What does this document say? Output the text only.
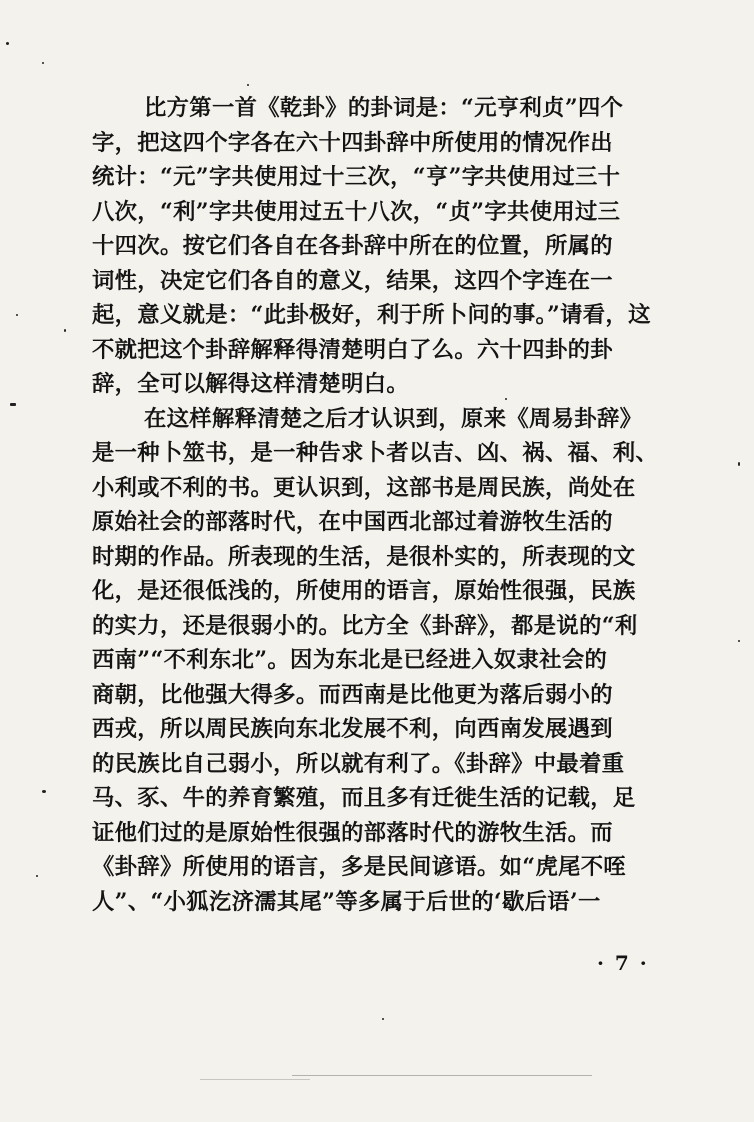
比方第一首《乾卦》的卦词是：“元亨利贞”四个
字，把这四个字各在六十四卦辞中所使用的情况作出
统计：“元”字共使用过十三次，“亨”字共使用过三十
八次，“利”字共使用过五十八次，“贞”字共使用过三
十四次。按它们各自在各卦辞中所在的位置，所属的
词性，决定它们各自的意义，结果，这四个字连在一
起，意义就是：“此卦极好，利于所卜问的事。”请看，这
不就把这个卦辞解释得清楚明白了么。六十四卦的卦
辞，全可以解得这样清楚明白。
在这样解释清楚之后才认识到，原来《周易卦辞》
是一种卜筮书，是一种告求卜者以吉、凶、祸、福、利、
小利或不利的书。更认识到，这部书是周民族，尚处在
原始社会的部落时代，在中国西北部过着游牧生活的
时期的作品。所表现的生活，是很朴实的，所表现的文
化，是还很低浅的，所使用的语言，原始性很强，民族
的实力，还是很弱小的。比方全《卦辞》，都是说的“利
西南”“不利东北”。因为东北是已经进入奴隶社会的
商朝，比他强大得多。而西南是比他更为落后弱小的
西戎，所以周民族向东北发展不利，向西南发展遇到
的民族比自己弱小，所以就有利了。《卦辞》中最着重
马、豕、牛的养育繁殖，而且多有迁徙生活的记载，足
证他们过的是原始性很强的部落时代的游牧生活。而
《卦辞》所使用的语言，多是民间谚语。如“虎尾不咥
人”、“小狐汔济濡其尾”等多属于后世的‘歇后语’一
· 7 ·
